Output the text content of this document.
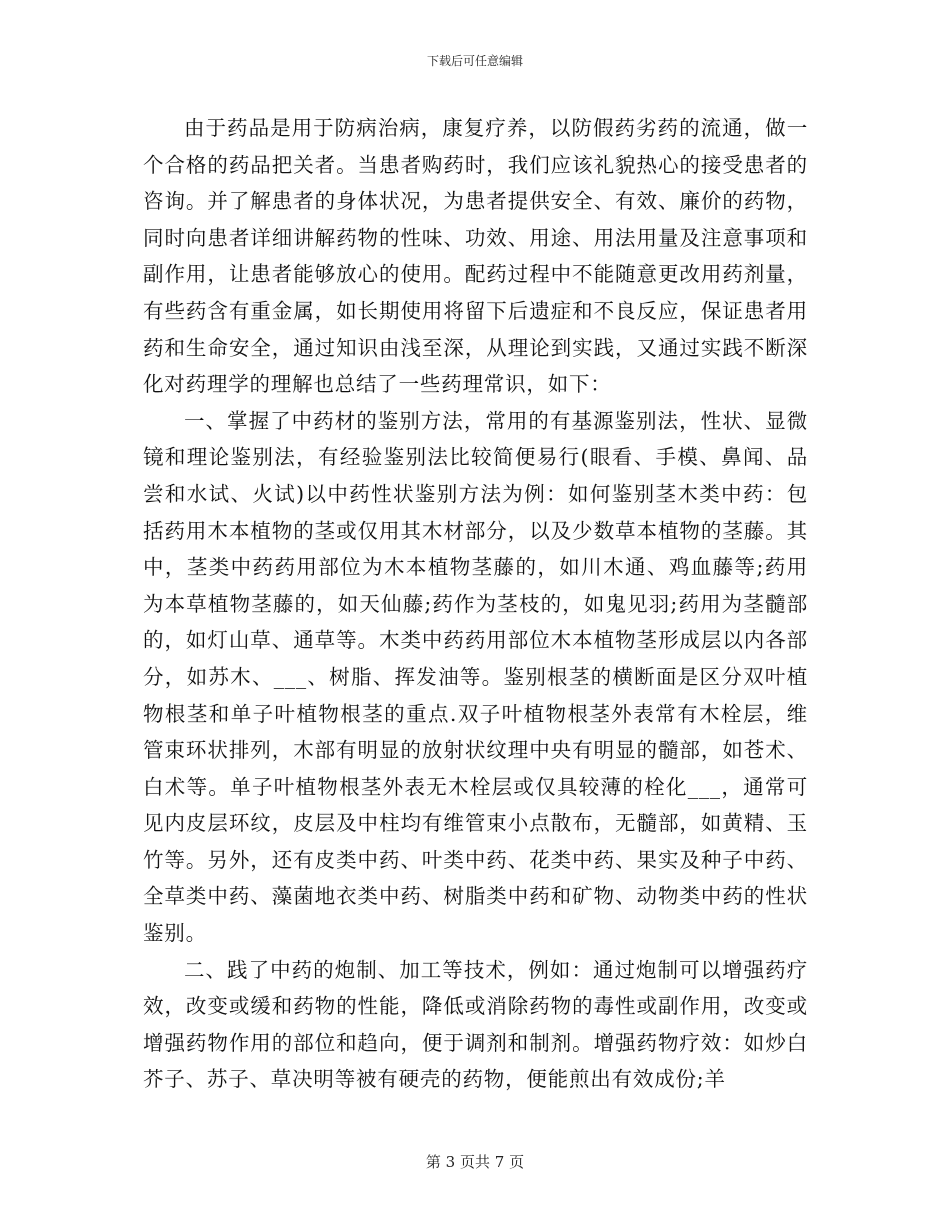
下载后可任意编辑

由于药品是用于防病治病，康复疗养，以防假药劣药的流通，做一个合格的药品把关者。当患者购药时，我们应该礼貌热心的接受患者的咨询。并了解患者的身体状况，为患者提供安全、有效、廉价的药物，同时向患者详细讲解药物的性味、功效、用途、用法用量及注意事项和副作用，让患者能够放心的使用。配药过程中不能随意更改用药剂量，有些药含有重金属，如长期使用将留下后遗症和不良反应，保证患者用药和生命安全，通过知识由浅至深，从理论到实践，又通过实践不断深化对药理学的理解也总结了一些药理常识，如下：

一、掌握了中药材的鉴别方法，常用的有基源鉴别法，性状、显微镜和理论鉴别法，有经验鉴别法比较简便易行(眼看、手模、鼻闻、品尝和水试、火试)以中药性状鉴别方法为例：如何鉴别茎木类中药：包括药用木本植物的茎或仅用其木材部分，以及少数草本植物的茎藤。其中，茎类中药药用部位为木本植物茎藤的，如川木通、鸡血藤等;药用为本草植物茎藤的，如天仙藤;药作为茎枝的，如鬼见羽;药用为茎髓部的，如灯山草、通草等。木类中药药用部位木本植物茎形成层以内各部分，如苏木、___、树脂、挥发油等。鉴别根茎的横断面是区分双叶植物根茎和单子叶植物根茎的重点.双子叶植物根茎外表常有木栓层，维管束环状排列，木部有明显的放射状纹理中央有明显的髓部，如苍术、白术等。单子叶植物根茎外表无木栓层或仅具较薄的栓化___，通常可见内皮层环纹，皮层及中柱均有维管束小点散布，无髓部，如黄精、玉竹等。另外，还有皮类中药、叶类中药、花类中药、果实及种子中药、全草类中药、藻菌地衣类中药、树脂类中药和矿物、动物类中药的性状鉴别。

二、践了中药的炮制、加工等技术，例如：通过炮制可以增强药疗效，改变或缓和药物的性能，降低或消除药物的毒性或副作用，改变或增强药物作用的部位和趋向，便于调剂和制剂。增强药物疗效：如炒白芥子、苏子、草决明等被有硬壳的药物，便能煎出有效成份;羊

第 3 页共 7 页
